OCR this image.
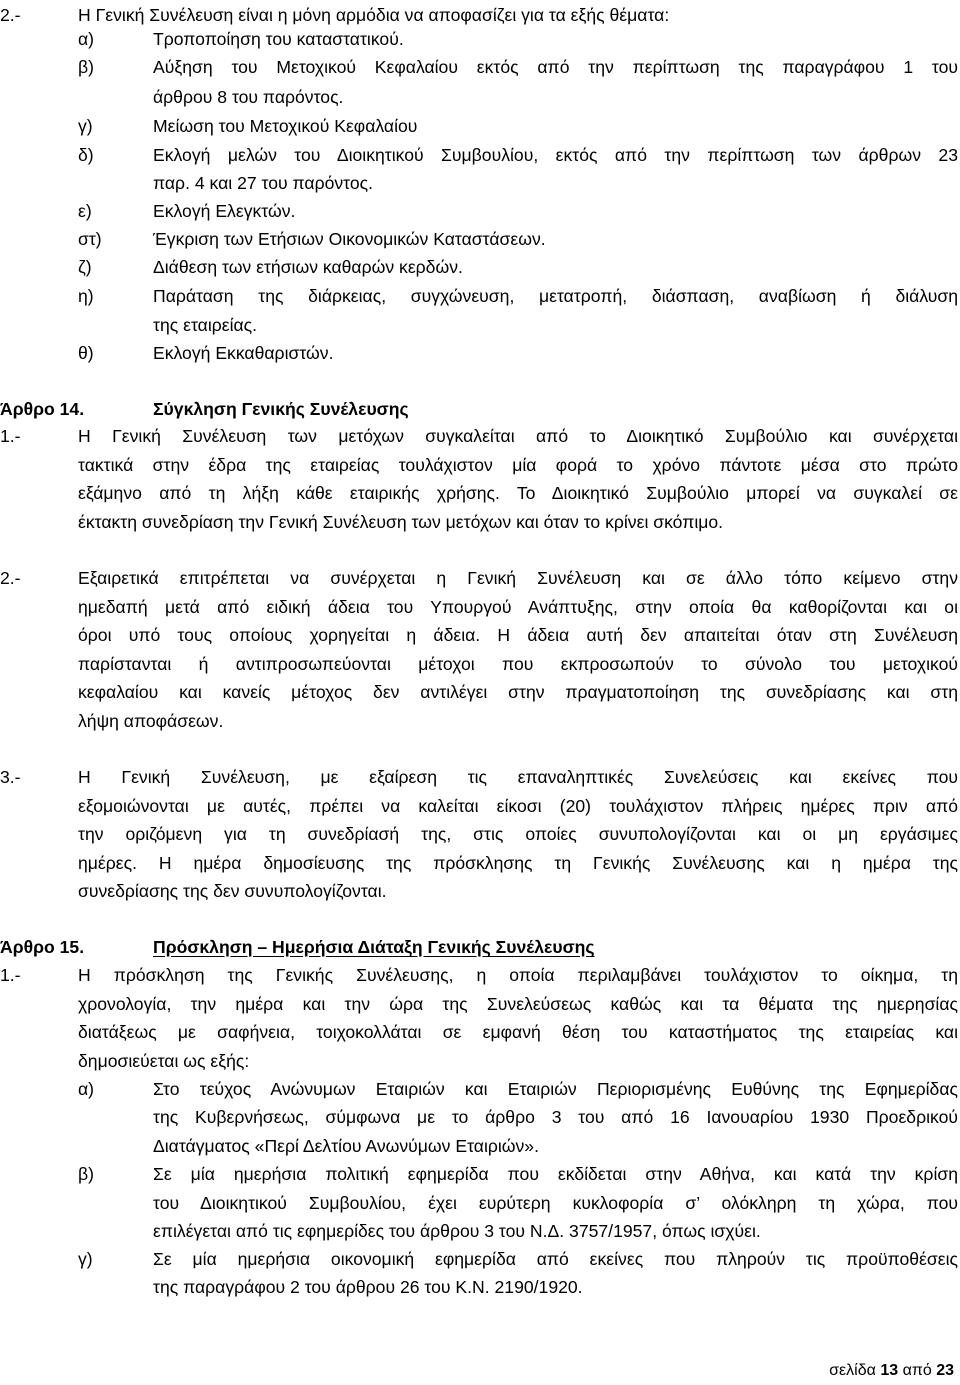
2.-	Η Γενική Συνέλευση είναι η μόνη αρμόδια να αποφασίζει για τα εξής θέματα:
α)	Τροποποίηση του καταστατικού.
β)	Αύξηση του Μετοχικού Κεφαλαίου εκτός από την περίπτωση της παραγράφου 1 του
άρθρου 8 του παρόντος.
γ)	Μείωση του Μετοχικού Κεφαλαίου
δ)	Εκλογή μελών του Διοικητικού Συμβουλίου, εκτός από την περίπτωση των άρθρων 23
παρ. 4 και 27 του παρόντος.
ε)	Εκλογή Ελεγκτών.
στ)	Έγκριση των Ετήσιων Οικονομικών Καταστάσεων.
ζ)	Διάθεση των ετήσιων καθαρών κερδών.
η)	Παράταση της διάρκειας, συγχώνευση, μετατροπή, διάσπαση, αναβίωση ή διάλυση
της εταιρείας.
θ)	Εκλογή Εκκαθαριστών.
Άρθρο 14.	Σύγκληση Γενικής Συνέλευσης
1.-	Η Γενική Συνέλευση των μετόχων συγκαλείται από το Διοικητικό Συμβούλιο και συνέρχεται
τακτικά στην έδρα της εταιρείας τουλάχιστον μία φορά το χρόνο πάντοτε μέσα στο πρώτο
εξάμηνο από τη λήξη κάθε εταιρικής χρήσης. Το Διοικητικό Συμβούλιο μπορεί να συγκαλεί σε
έκτακτη συνεδρίαση την Γενική Συνέλευση των μετόχων και όταν το κρίνει σκόπιμο.
2.-	Εξαιρετικά επιτρέπεται να συνέρχεται η Γενική Συνέλευση και σε άλλο τόπο κείμενο στην
ημεδαπή μετά από ειδική άδεια του Υπουργού Ανάπτυξης, στην οποία θα καθορίζονται και οι
όροι υπό τους οποίους χορηγείται η άδεια. Η άδεια αυτή δεν απαιτείται όταν στη Συνέλευση
παρίστανται ή αντιπροσωπεύονται μέτοχοι που εκπροσωπούν το σύνολο του μετοχικού
κεφαλαίου και κανείς μέτοχος δεν αντιλέγει στην πραγματοποίηση της συνεδρίασης και στη
λήψη αποφάσεων.
3.-	Η Γενική Συνέλευση, με εξαίρεση τις επαναληπτικές Συνελεύσεις και εκείνες που
εξομοιώνονται με αυτές, πρέπει να καλείται είκοσι (20) τουλάχιστον πλήρεις ημέρες πριν από
την οριζόμενη για τη συνεδρίασή της, στις οποίες συνυπολογίζονται και οι μη εργάσιμες
ημέρες. Η ημέρα δημοσίευσης της πρόσκλησης τη Γενικής Συνέλευσης και η ημέρα της
συνεδρίασης της δεν συνυπολογίζονται.
Άρθρο 15.	Πρόσκληση – Ημερήσια Διάταξη Γενικής Συνέλευσης
1.-	Η πρόσκληση της Γενικής Συνέλευσης, η οποία περιλαμβάνει τουλάχιστον το οίκημα, τη
χρονολογία, την ημέρα και την ώρα της Συνελεύσεως καθώς και τα θέματα της ημερησίας
διατάξεως με σαφήνεια, τοιχοκολλάται σε εμφανή θέση του καταστήματος της εταιρείας και
δημοσιεύεται ως εξής:
α)	Στο τεύχος Ανώνυμων Εταιριών και Εταιριών Περιορισμένης Ευθύνης της Εφημερίδας
της Κυβερνήσεως, σύμφωνα με το άρθρο 3 του από 16 Ιανουαρίου 1930 Προεδρικού
Διατάγματος «Περί Δελτίου Ανωνύμων Εταιριών».
β)	Σε μία ημερήσια πολιτική εφημερίδα που εκδίδεται στην Αθήνα, και κατά την κρίση
του Διοικητικού Συμβουλίου, έχει ευρύτερη κυκλοφορία σ’ ολόκληρη τη χώρα, που
επιλέγεται από τις εφημερίδες του άρθρου 3 του Ν.Δ. 3757/1957, όπως ισχύει.
γ)	Σε μία ημερήσια οικονομική εφημερίδα από εκείνες που πληρούν τις προϋποθέσεις
της παραγράφου 2 του άρθρου 26 του Κ.Ν. 2190/1920.
σελίδα 13 από 23
